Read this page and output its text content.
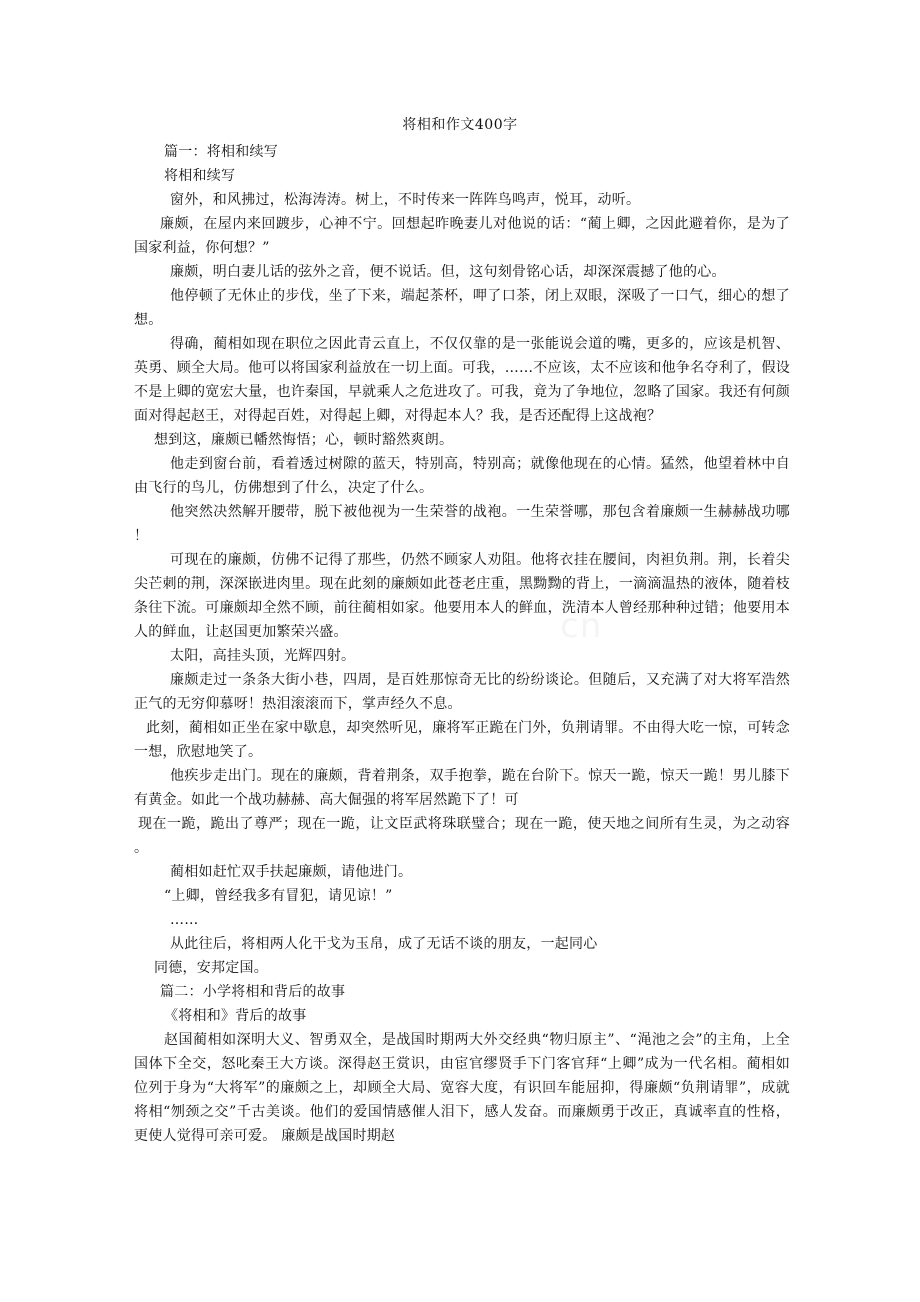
将相和作文400字

篇一：将相和续写

将相和续写

窗外，和风拂过，松海涛涛。树上，不时传来一阵阵鸟鸣声，悦耳，动听。

廉颇，在屋内来回踱步，心神不宁。回想起昨晚妻儿对他说的话：“蔺上卿，之因此避着你，是为了国家利益，你何想？”

廉颇，明白妻儿话的弦外之音，便不说话。但，这句刻骨铭心话，却深深震撼了他的心。

他停顿了无休止的步伐，坐了下来，端起茶杯，呷了口茶，闭上双眼，深吸了一口气，细心的想了想。

得确，蔺相如现在职位之因此青云直上，不仅仅靠的是一张能说会道的嘴，更多的，应该是机智、英勇、顾全大局。他可以将国家利益放在一切上面。可我，……不应该，太不应该和他争名夺利了，假设不是上卿的宽宏大量，也许秦国，早就乘人之危进攻了。可我，竟为了争地位，忽略了国家。我还有何颜面对得起赵王，对得起百姓，对得起上卿，对得起本人？我，是否还配得上这战袍？

想到这，廉颇已幡然悔悟；心，顿时豁然爽朗。

他走到窗台前，看着透过树隙的蓝天，特别高，特别高；就像他现在的心情。猛然，他望着林中自由飞行的鸟儿，仿佛想到了什么，决定了什么。

他突然决然解开腰带，脱下被他视为一生荣誉的战袍。一生荣誉哪，那包含着廉颇一生赫赫战功哪！

可现在的廉颇，仿佛不记得了那些，仍然不顾家人劝阻。他将衣挂在腰间，肉袒负荆。荆，长着尖尖芒刺的荆，深深嵌进肉里。现在此刻的廉颇如此苍老庄重，黑黝黝的背上，一滴滴温热的液体，随着枝条往下流。可廉颇却全然不顾，前往蔺相如家。他要用本人的鲜血，洗清本人曾经那种种过错；他要用本人的鲜血，让赵国更加繁荣兴盛。

太阳，高挂头顶，光辉四射。

廉颇走过一条条大街小巷，四周，是百姓那惊奇无比的纷纷谈论。但随后，又充满了对大将军浩然正气的无穷仰慕呀！热泪滚滚而下，掌声经久不息。

此刻，蔺相如正坐在家中歇息，却突然听见，廉将军正跪在门外，负荆请罪。不由得大吃一惊，可转念一想，欣慰地笑了。

他疾步走出门。现在的廉颇，背着荆条，双手抱拳，跪在台阶下。惊天一跪，惊天一跪！男儿膝下有黄金。如此一个战功赫赫、高大倔强的将军居然跪下了！可

现在一跪，跪出了尊严；现在一跪，让文臣武将珠联璧合；现在一跪，使天地之间所有生灵，为之动容。

蔺相如赶忙双手扶起廉颇，请他进门。

“上卿，曾经我多有冒犯，请见谅！”

……

从此往后，将相两人化干戈为玉帛，成了无话不谈的朋友，一起同心

同德，安邦定国。

篇二：小学将相和背后的故事

《将相和》背后的故事

赵国蔺相如深明大义、智勇双全，是战国时期两大外交经典“物归原主”、“渑池之会”的主角，上全国体下全交，怒叱秦王大方谈。深得赵王赏识，由宦官缪贤手下门客官拜“上卿”成为一代名相。蔺相如位列于身为“大将军”的廉颇之上，却顾全大局、宽容大度，有识回车能屈抑，得廉颇“负荆请罪”，成就将相“刎颈之交”千古美谈。他们的爱国情感催人泪下，感人发奋。而廉颇勇于改正，真诚率直的性格，更使人觉得可亲可爱。 廉颇是战国时期赵
